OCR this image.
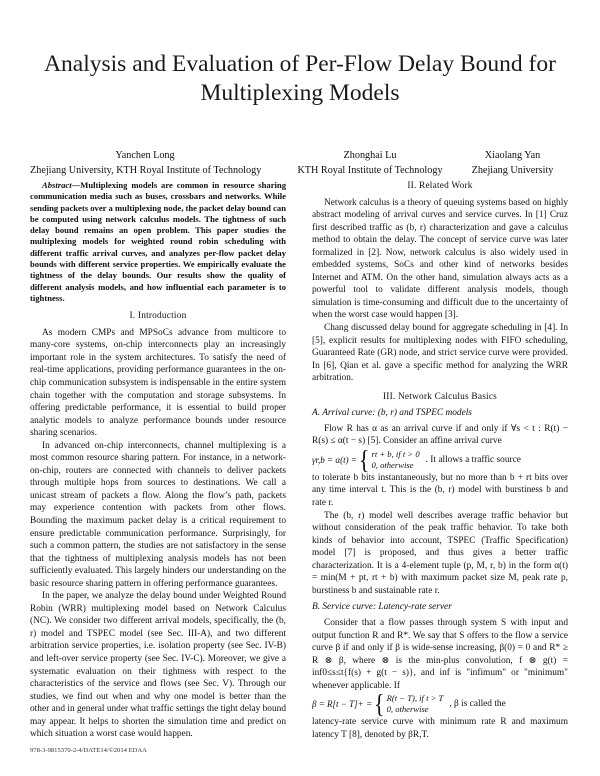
Analysis and Evaluation of Per-Flow Delay Bound for Multiplexing Models
Yanchen Long
Zhejiang University, KTH Royal Institute of Technology
Zhonghai Lu
KTH Royal Institute of Technology
Xiaolang Yan
Zhejiang University

Abstract—Multiplexing models are common in resource sharing communication media such as buses, crossbars and networks. While sending packets over a multiplexing node, the packet delay bound can be computed using network calculus models. The tightness of such delay bound remains an open problem. This paper studies the multiplexing models for weighted round robin scheduling with different traffic arrival curves, and analyzes per-flow packet delay bounds with different service properties. We empirically evaluate the tightness of the delay bounds. Our results show the quality of different analysis models, and how influential each parameter is to tightness.

I. Introduction

As modern CMPs and MPSoCs advance from multicore to many-core systems, on-chip interconnects play an increasingly important role in the system architectures. To satisfy the need of real-time applications, providing performance guarantees in the on-chip communication subsystem is indispensable in the entire system chain together with the computation and storage subsystems. In offering predictable performance, it is essential to build proper analytic models to analyze performance bounds under resource sharing scenarios.

In advanced on-chip interconnects, channel multiplexing is a most common resource sharing pattern. For instance, in a network-on-chip, routers are connected with channels to deliver packets through multiple hops from sources to destinations. We call a unicast stream of packets a flow. Along the flow’s path, packets may experience contention with packets from other flows. Bounding the maximum packet delay is a critical requirement to ensure predictable communication performance. Surprisingly, for such a common pattern, the studies are not satisfactory in the sense that the tightness of multiplexing analysis models has not been sufficiently evaluated. This largely hinders our understanding on the basic resource sharing pattern in offering performance guarantees.

In the paper, we analyze the delay bound under Weighted Round Robin (WRR) multiplexing model based on Network Calculus (NC). We consider two different arrival models, specifically, the (b, r) model and TSPEC model (see Sec. III-A), and two different arbitration service properties, i.e. isolation property (see Sec. IV-B) and left-over service property (see Sec. IV-C). Moreover, we give a systematic evaluation on their tightness with respect to the characteristics of the service and flows (see Sec. V). Through our studies, we find out when and why one model is better than the other and in general under what traffic settings the tight delay bound may appear. It helps to shorten the simulation time and predict on which situation a worst case would happen.

II. Related Work

Network calculus is a theory of queuing systems based on highly abstract modeling of arrival curves and service curves. In [1] Cruz first described traffic as (b, r) characterization and gave a calculus method to obtain the delay. The concept of service curve was later formalized in [2]. Now, network calculus is also widely used in embedded systems, SoCs and other kind of networks besides Internet and ATM. On the other hand, simulation always acts as a powerful tool to validate different analysis models, though simulation is time-consuming and difficult due to the uncertainty of when the worst case would happen [3].

Chang discussed delay bound for aggregate scheduling in [4]. In [5], explicit results for multiplexing nodes with FIFO scheduling, Guaranteed Rate (GR) node, and strict service curve were provided. In [6], Qian et al. gave a specific method for analyzing the WRR arbitration.

III. Network Calculus Basics
A. Arrival curve: (b, r) and TSPEC models

Flow R has α as an arrival curve if and only if ∀s < t : R(t) − R(s) ≤ α(t − s) [5]. Consider an affine arrival curve

γr,b = α(t) = { rt + b, if t > 0
0, otherwise	. It allows a traffic source

to tolerate b bits instantaneously, but no more than b + rt bits over any time interval t. This is the (b, r) model with burstiness b and rate r.

The (b, r) model well describes average traffic behavior but without consideration of the peak traffic behavior. To take both kinds of behavior into account, TSPEC (Traffic Specification) model [7] is proposed, and thus gives a better traffic characterization. It is a 4-element tuple (p, M, r, b) in the form α(t) = min(M + pt, rt + b) with maximum packet size M, peak rate p, burstiness b and sustainable rate r.

B. Service curve: Latency-rate server

Consider that a flow passes through system S with input and output function R and R*. We say that S offers to the flow a service curve β if and only if β is wide-sense increasing, β(0) = 0 and R* ≥ R ⊗ β, where ⊗ is the min-plus convolution, f ⊗ g(t) = inf0≤s≤t{f(s) + g(t − s)}, and inf is "infimum" or "minimum" whenever applicable. If

β = R[t − T]+ = { R(t − T), if t > T
0, otherwise	, β is called the

latency-rate service curve with minimum rate R and maximum latency T [8], denoted by βR,T.

978-3-9815370-2-4/DATE14/©2014 EDAA
